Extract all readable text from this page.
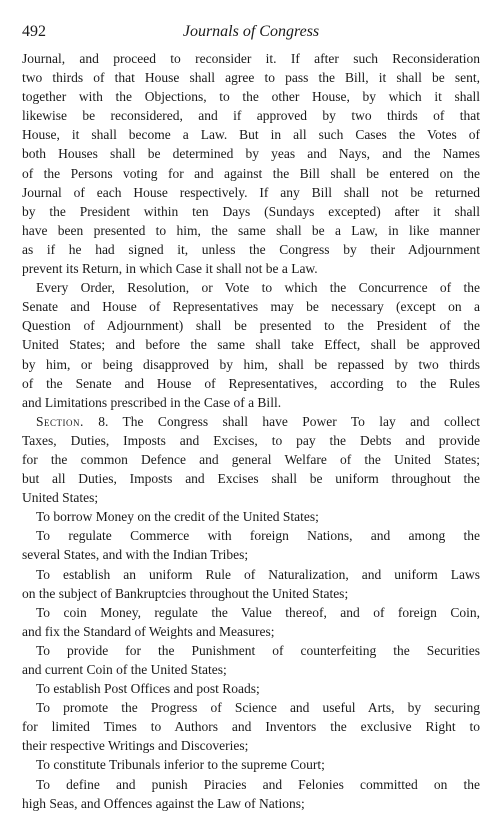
492	Journals of Congress
Journal, and proceed to reconsider it. If after such Reconsideration
two thirds of that House shall agree to pass the Bill, it shall be sent,
together with the Objections, to the other House, by which it shall
likewise be reconsidered, and if approved by two thirds of that
House, it shall become a Law. But in all such Cases the Votes of
both Houses shall be determined by yeas and Nays, and the Names
of the Persons voting for and against the Bill shall be entered on the
Journal of each House respectively. If any Bill shall not be returned
by the President within ten Days (Sundays excepted) after it shall
have been presented to him, the same shall be a Law, in like manner
as if he had signed it, unless the Congress by their Adjournment
prevent its Return, in which Case it shall not be a Law.
Every Order, Resolution, or Vote to which the Concurrence of the
Senate and House of Representatives may be necessary (except on a
Question of Adjournment) shall be presented to the President of the
United States; and before the same shall take Effect, shall be approved
by him, or being disapproved by him, shall be repassed by two thirds
of the Senate and House of Representatives, according to the Rules
and Limitations prescribed in the Case of a Bill.
Section. 8. The Congress shall have Power To lay and collect
Taxes, Duties, Imposts and Excises, to pay the Debts and provide
for the common Defence and general Welfare of the United States;
but all Duties, Imposts and Excises shall be uniform throughout the
United States;
To borrow Money on the credit of the United States;
To regulate Commerce with foreign Nations, and among the
several States, and with the Indian Tribes;
To establish an uniform Rule of Naturalization, and uniform Laws
on the subject of Bankruptcies throughout the United States;
To coin Money, regulate the Value thereof, and of foreign Coin,
and fix the Standard of Weights and Measures;
To provide for the Punishment of counterfeiting the Securities
and current Coin of the United States;
To establish Post Offices and post Roads;
To promote the Progress of Science and useful Arts, by securing
for limited Times to Authors and Inventors the exclusive Right to
their respective Writings and Discoveries;
To constitute Tribunals inferior to the supreme Court;
To define and punish Piracies and Felonies committed on the
high Seas, and Offences against the Law of Nations;
